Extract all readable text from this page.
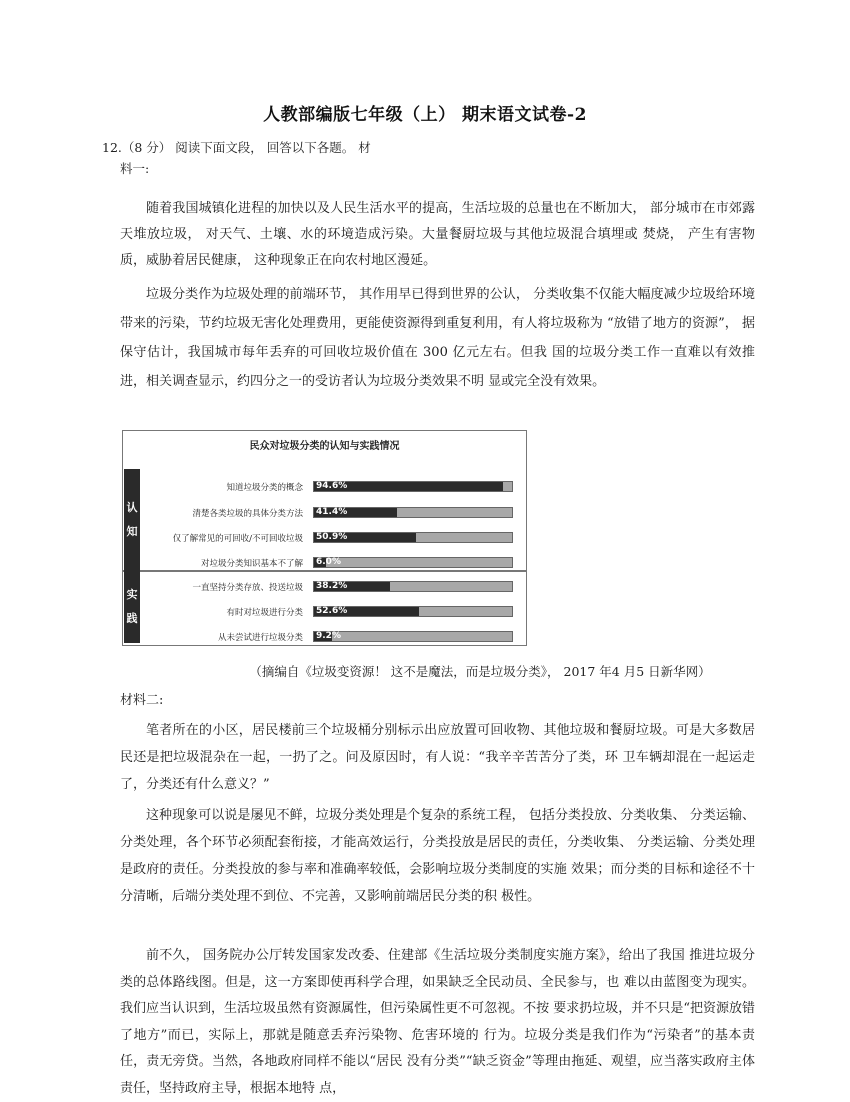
人教部编版七年级（上） 期末语文试卷-2
12.（8 分） 阅读下面文段， 回答以下各题。 材
料一:

随着我国城镇化进程的加快以及人民生活水平的提高，生活垃圾的总量也在不断加大， 部分城市在市郊露天堆放垃圾， 对天气、土壤、水的环境造成污染。大量餐厨垃圾与其他垃圾混合填埋或 焚烧， 产生有害物质，威胁着居民健康， 这种现象正在向农村地区漫延。

垃圾分类作为垃圾处理的前端环节， 其作用早已得到世界的公认， 分类收集不仅能大幅度减少垃圾给环境带来的污染，节约垃圾无害化处理费用，更能使资源得到重复利用，有人将垃圾称为 “放错了地方的资源”， 据保守估计，我国城市每年丢弃的可回收垃圾价值在 300 亿元左右。但我 国的垃圾分类工作一直难以有效推进，相关调查显示，约四分之一的受访者认为垃圾分类效果不明 显或完全没有效果。

民众对垃圾分类的认知与实践情况
认
知
知道垃圾分类的概念 94.6%
清楚各类垃圾的具体分类方法 41.4%
仅了解常见的可回收/不可回收垃圾 50.9%
对垃圾分类知识基本不了解 6.0%
实
践
一直坚持分类存放、投送垃圾 38.2%
有时对垃圾进行分类 52.6%
从未尝试进行垃圾分类 9.2%
（摘编自《垃圾变资源！ 这不是魔法，而是垃圾分类》， 2017 年4 月5 日新华网）
材料二:

笔者所在的小区，居民楼前三个垃圾桶分别标示出应放置可回收物、其他垃圾和餐厨垃圾。可是大多数居民还是把垃圾混杂在一起，一扔了之。问及原因时，有人说：“我辛辛苦苦分了类，环 卫车辆却混在一起运走了，分类还有什么意义？”

这种现象可以说是屡见不鲜，垃圾分类处理是个复杂的系统工程， 包括分类投放、分类收集、 分类运输、分类处理，各个环节必须配套衔接，才能高效运行，分类投放是居民的责任，分类收集、 分类运输、分类处理是政府的责任。分类投放的参与率和准确率较低，会影响垃圾分类制度的实施 效果；而分类的目标和途径不十分清晰，后端分类处理不到位、不完善，又影响前端居民分类的积 极性。

前不久， 国务院办公厅转发国家发改委、住建部《生活垃圾分类制度实施方案》，给出了我国 推进垃圾分类的总体路线图。但是，这一方案即使再科学合理，如果缺乏全民动员、全民参与，也 难以由蓝图变为现实。我们应当认识到，生活垃圾虽然有资源属性，但污染属性更不可忽视。不按 要求扔垃圾，并不只是“把资源放错了地方”而已，实际上，那就是随意丢弃污染物、危害环境的 行为。垃圾分类是我们作为“污染者”的基本责任，责无旁贷。当然，各地政府同样不能以“居民 没有分类”“缺乏资金”等理由拖延、观望，应当落实政府主体责任，坚持政府主导，根据本地特 点，
